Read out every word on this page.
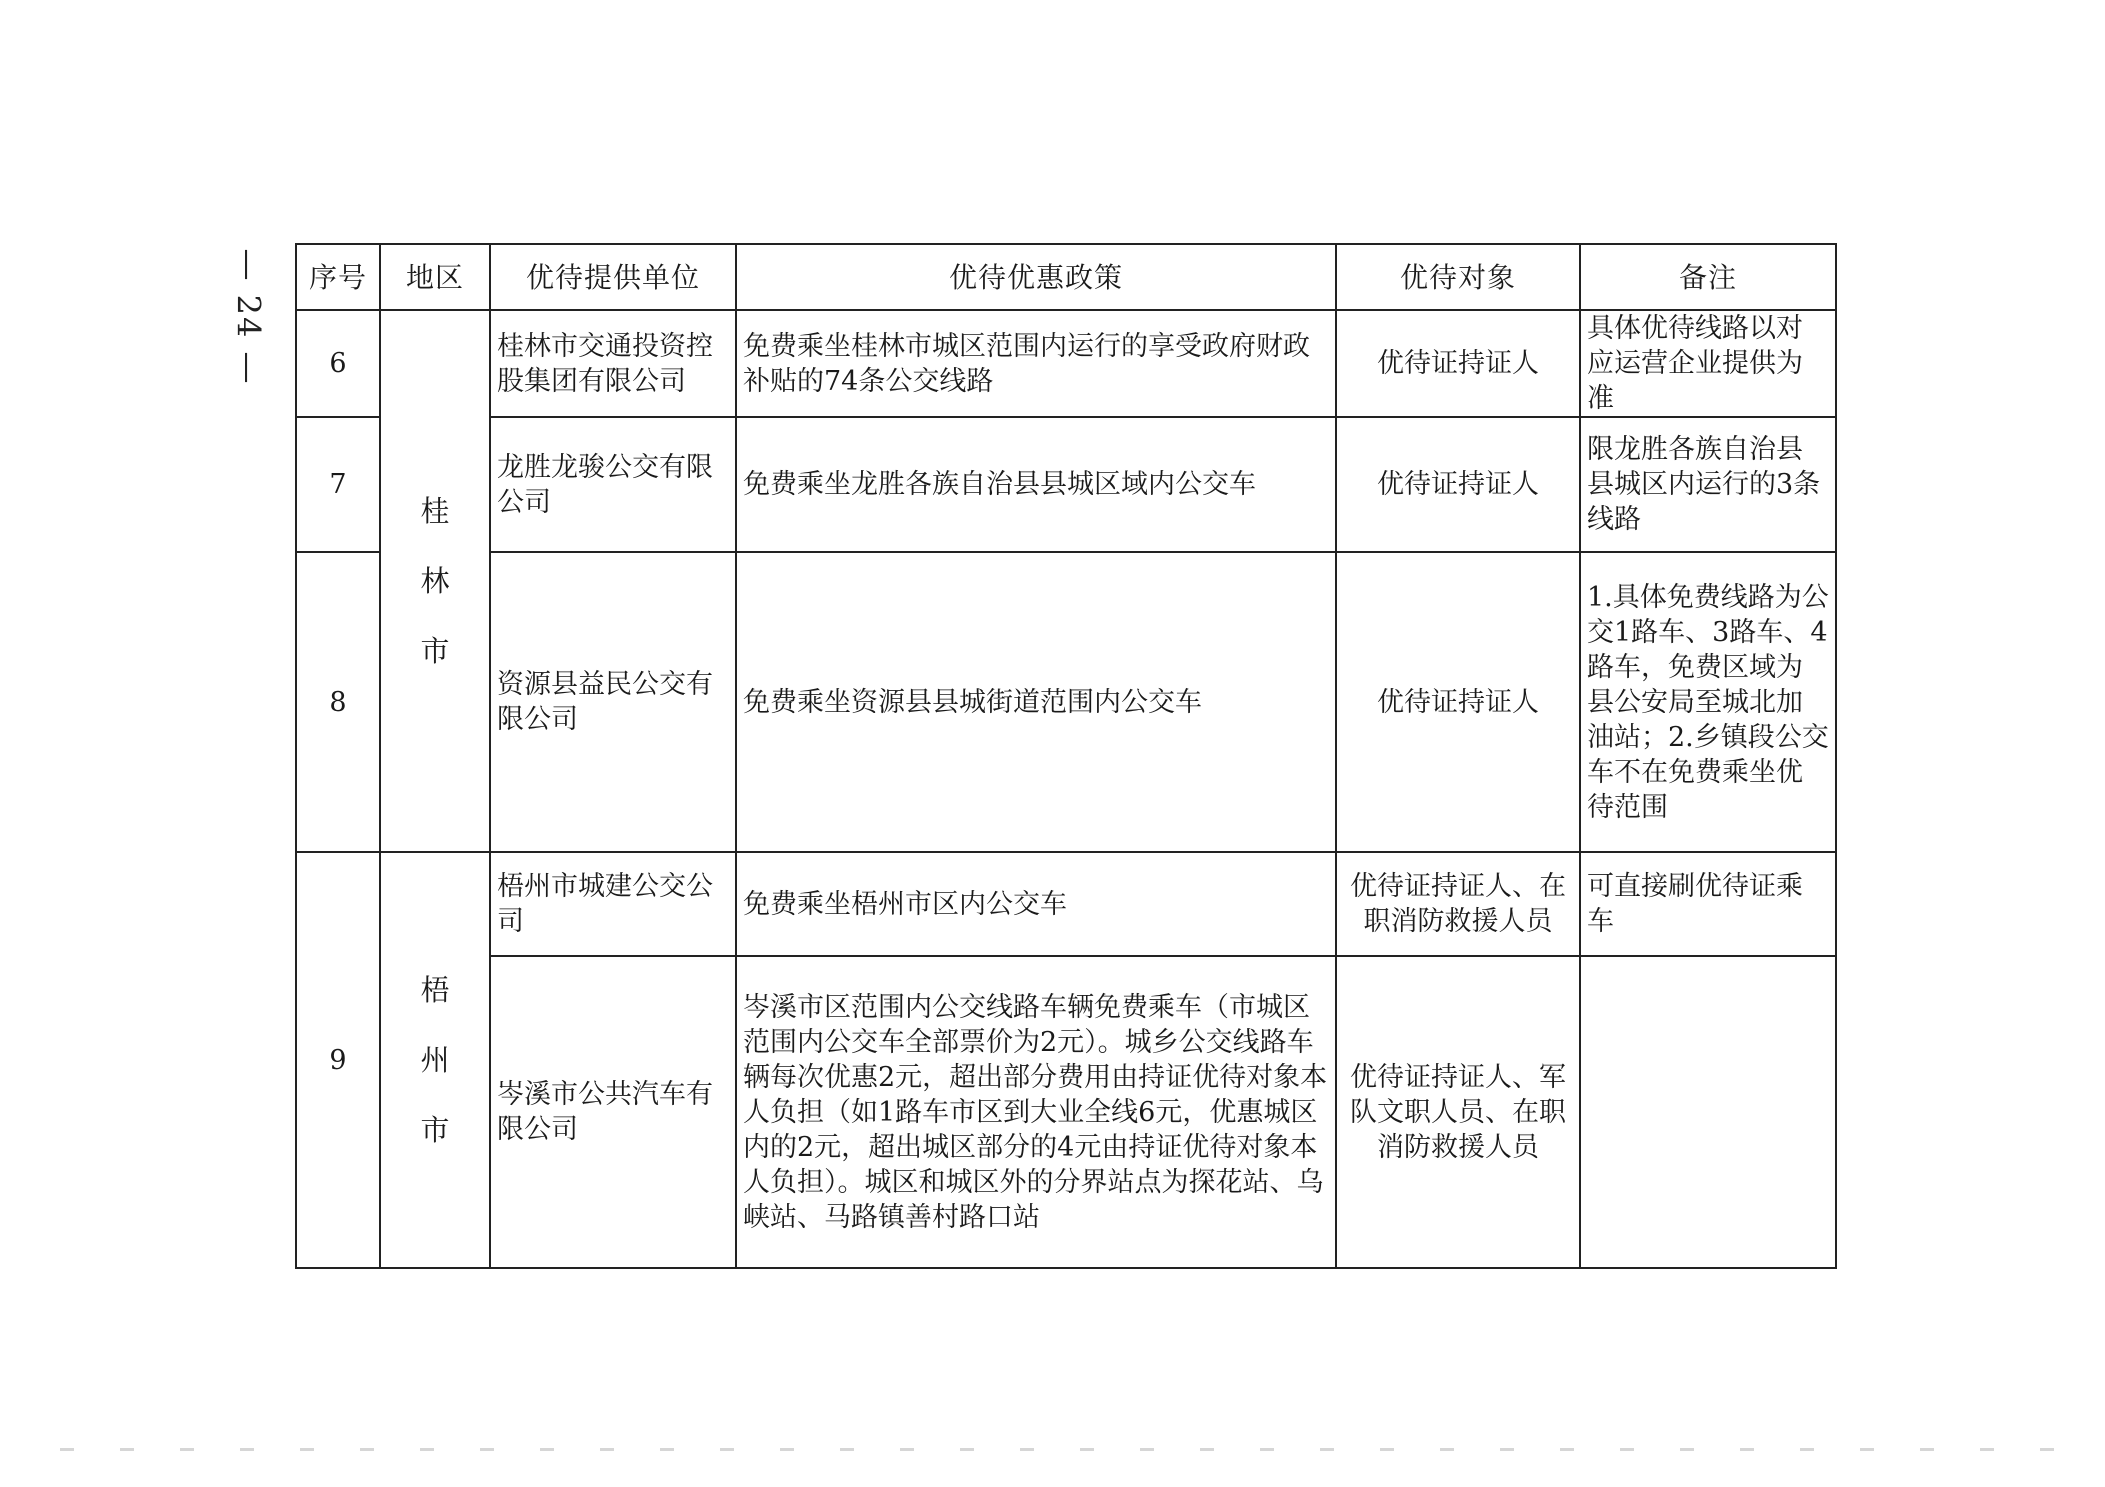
— 24 — 序号	地区	优待提供单位	优待优惠政策	优待对象	备注
6	桂林市	桂林市交通投资控股集团有限公司	免费乘坐桂林市城区范围内运行的享受政府财政补贴的74条公交线路	优待证持证人	具体优待线路以对应运营企业提供为准
7		龙胜龙骏公交有限公司	免费乘坐龙胜各族自治县县城区域内公交车	优待证持证人	限龙胜各族自治县县城区内运行的3条线路
8		资源县益民公交有限公司	免费乘坐资源县县城街道范围内公交车	优待证持证人	1.具体免费线路为公交1路车、3路车、4路车，免费区域为县公安局至城北加油站；2.乡镇段公交车不在免费乘坐优待范围
9	梧州市	梧州市城建公交公司	免费乘坐梧州市区内公交车	优待证持证人、在职消防救援人员	可直接刷优待证乘车
		岑溪市公共汽车有限公司	岑溪市区范围内公交线路车辆免费乘车（市城区范围内公交车全部票价为2元）。城乡公交线路车辆每次优惠2元，超出部分费用由持证优待对象本人负担（如1路车市区到大业全线6元，优惠城区内的2元，超出城区部分的4元由持证优待对象本人负担）。城区和城区外的分界站点为探花站、乌峡站、马路镇善村路口站	优待证持证人、军队文职人员、在职消防救援人员	
